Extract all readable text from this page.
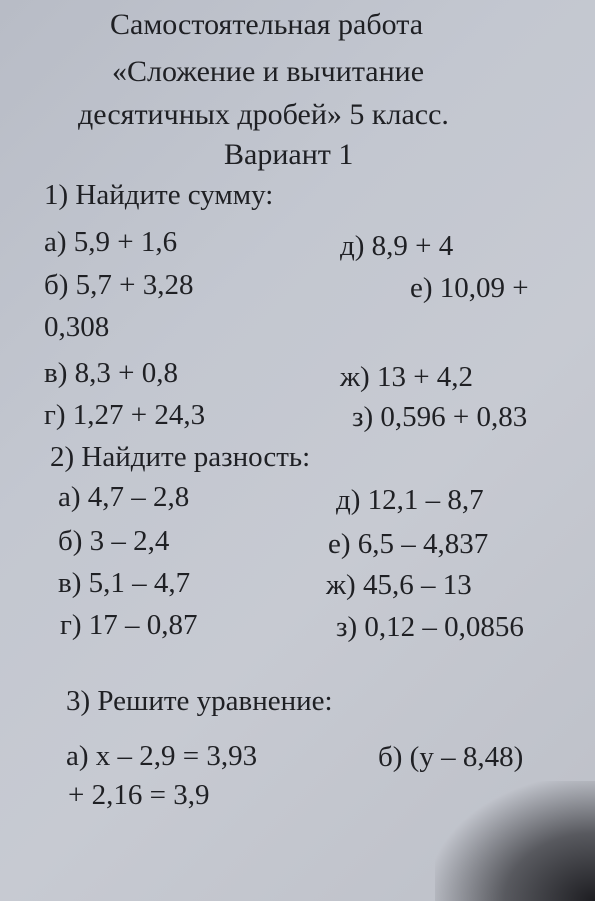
Самостоятельная работа
«Сложение и вычитание
десятичных дробей» 5 класс.
Вариант 1
1) Найдите сумму:
а) 5,9 + 1,6	д) 8,9 + 4
б) 5,7 + 3,28	е) 10,09 +
0,308
в) 8,3 + 0,8	ж) 13 + 4,2
г) 1,27 + 24,3	з) 0,596 + 0,83
2) Найдите разность:
а) 4,7 – 2,8	д) 12,1 – 8,7
б) 3 – 2,4	е) 6,5 – 4,837
в) 5,1 – 4,7	ж) 45,6 – 13
г) 17 – 0,87	з) 0,12 – 0,0856
3) Решите уравнение:
а) х – 2,9 = 3,93	б) (у – 8,48)
+ 2,16 = 3,9
